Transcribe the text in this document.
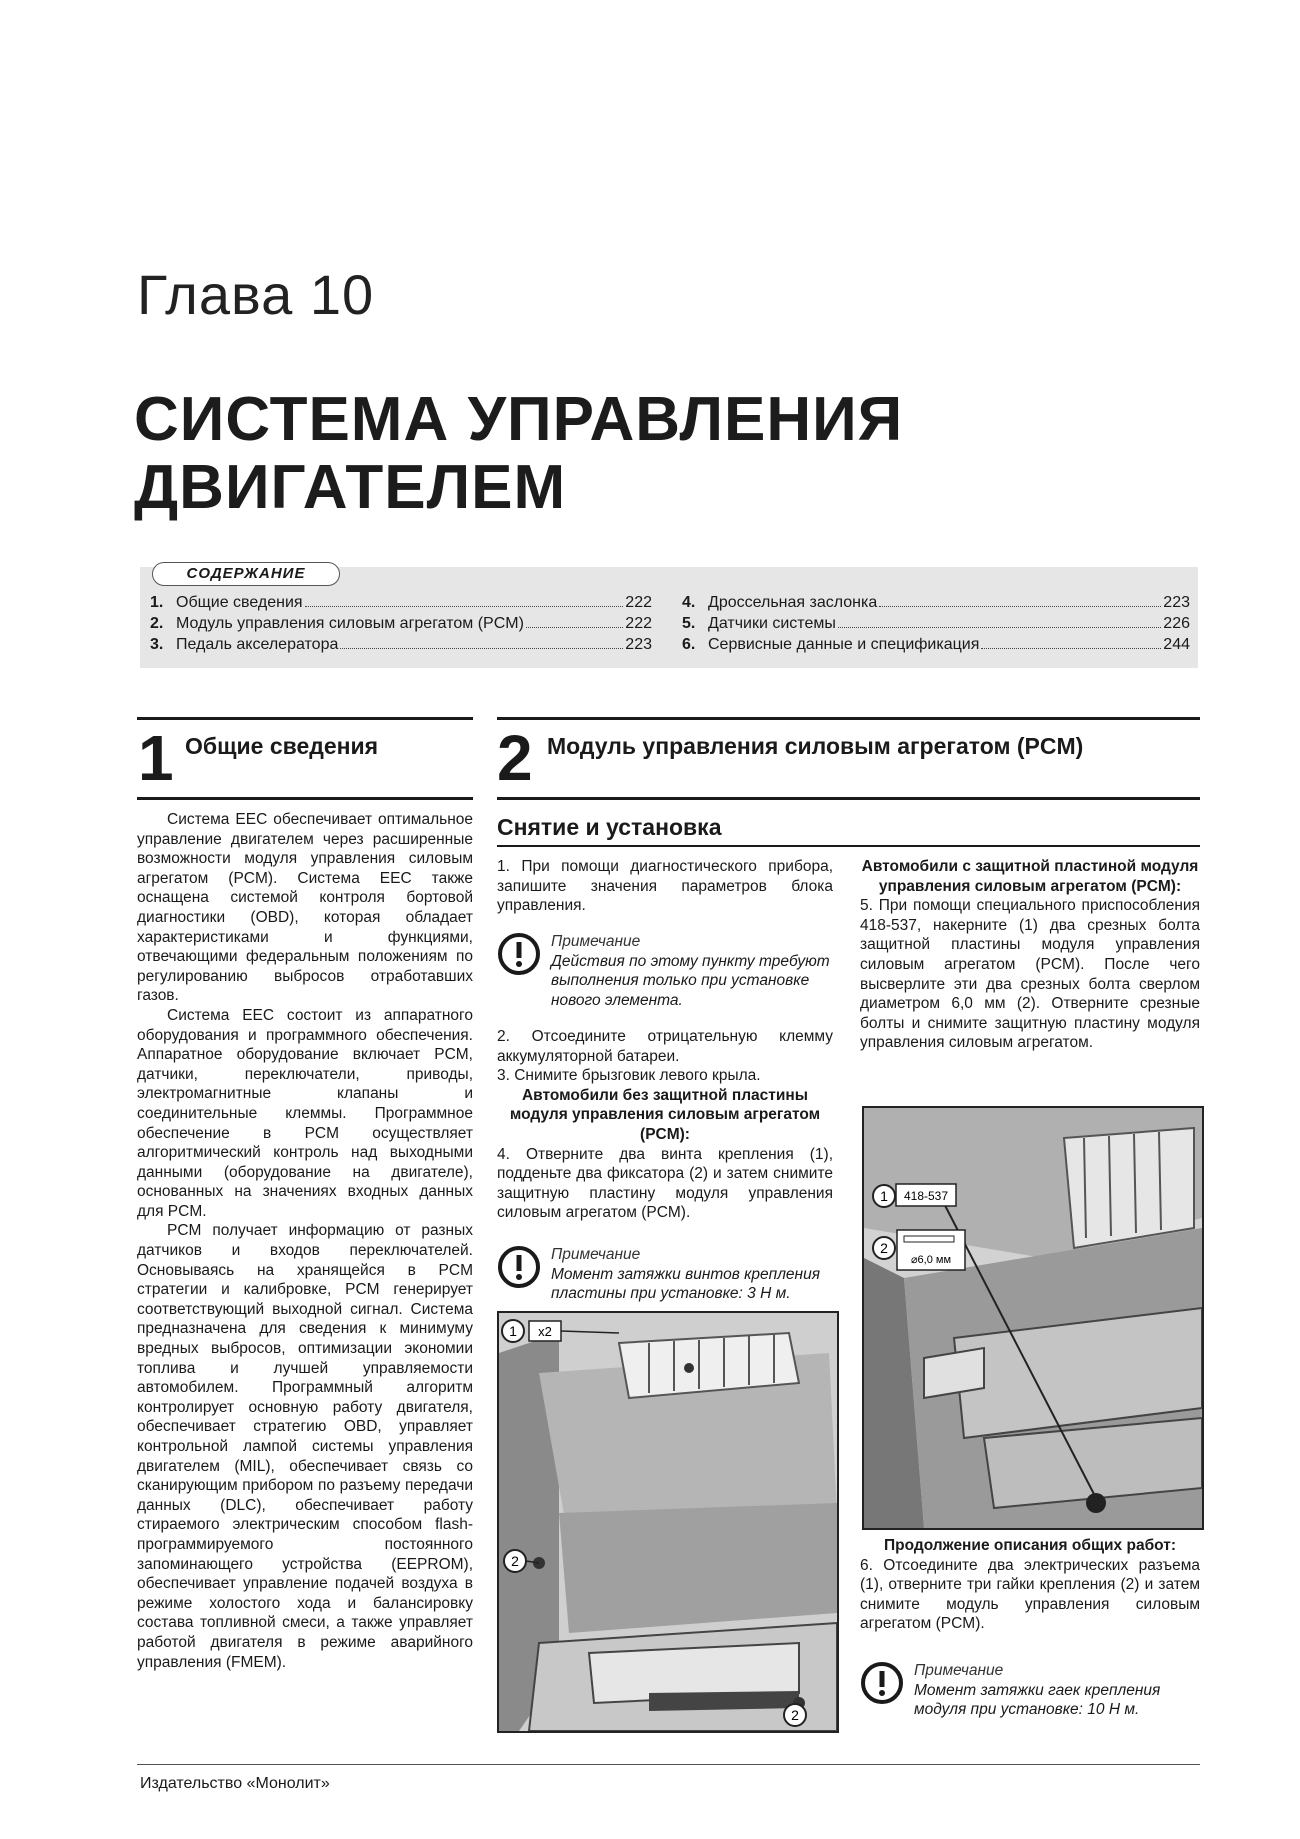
Глава 10
СИСТЕМА УПРАВЛЕНИЯ
ДВИГАТЕЛЕМ
СОДЕРЖАНИЕ
1. Общие сведения	222
2. Модуль управления силовым агрегатом (PCM)	222
3. Педаль акселератора	223
4. Дроссельная заслонка	223
5. Датчики системы	226
6. Сервисные данные и спецификация	244
1 Общие сведения

Система EEC обеспечивает оптимальное управление двигателем через расширенные возможности модуля управления силовым агрегатом (PCM). Система EEC также оснащена системой контроля бортовой диагностики (OBD), которая обладает характеристиками и функциями, отвечающими федеральным положениям по регулированию выбросов отработавших газов.

Система EEC состоит из аппаратного оборудования и программного обеспечения. Аппаратное оборудование включает PCM, датчики, переключатели, приводы, электромагнитные клапаны и соединительные клеммы. Программное обеспечение в PCM осуществляет алгоритмический контроль над выходными данными (оборудование на двигателе), основанных на значениях входных данных для PCM.

PCM получает информацию от разных датчиков и входов переключателей. Основываясь на хранящейся в PCM стратегии и калибровке, PCM генерирует соответствующий выходной сигнал. Система предназначена для сведения к минимуму вредных выбросов, оптимизации экономии топлива и лучшей управляемости автомобилем. Программный алгоритм контролирует основную работу двигателя, обеспечивает стратегию OBD, управляет контрольной лампой системы управления двигателем (MIL), обеспечивает связь со сканирующим прибором по разъему передачи данных (DLC), обеспечивает работу стираемого электрическим способом flash-программируемого постоянного запоминающего устройства (EEPROM), обеспечивает управление подачей воздуха в режиме холостого хода и балансировку состава топливной смеси, а также управляет работой двигателя в режиме аварийного управления (FMEM).

2 Модуль управления силовым агрегатом (PCM)
Снятие и установка

1. При помощи диагностического прибора, запишите значения параметров блока управления.

Примечание
Действия по этому пункту требуют выполнения только при установке нового элемента.

2. Отсоедините отрицательную клемму аккумуляторной батареи.

3. Снимите брызговик левого крыла.

Автомобили без защитной пластины модуля управления силовым агрегатом (PCM):

4. Отверните два винта крепления (1), подденьте два фиксатора (2) и затем снимите защитную пластину модуля управления силовым агрегатом (PCM).

Примечание
Момент затяжки винтов крепления пластины при установке: 3 Н м.
1 x2
2
2

Автомобили с защитной пластиной модуля управления силовым агрегатом (PCM):

5. При помощи специального приспособления 418-537, накерните (1) два срезных болта защитной пластины модуля управления силовым агрегатом (PCM). После чего высверлите эти два срезных болта сверлом диаметром 6,0 мм (2). Отверните срезные болты и снимите защитную пластину модуля управления силовым агрегатом.

1 418-537
2
⌀6,0 мм

Продолжение описания общих работ:

6. Отсоедините два электрических разъема (1), отверните три гайки крепления (2) и затем снимите модуль управления силовым агрегатом (PCM).

Примечание
Момент затяжки гаек крепления модуля при установке: 10 Н м.
Издательство «Монолит»
